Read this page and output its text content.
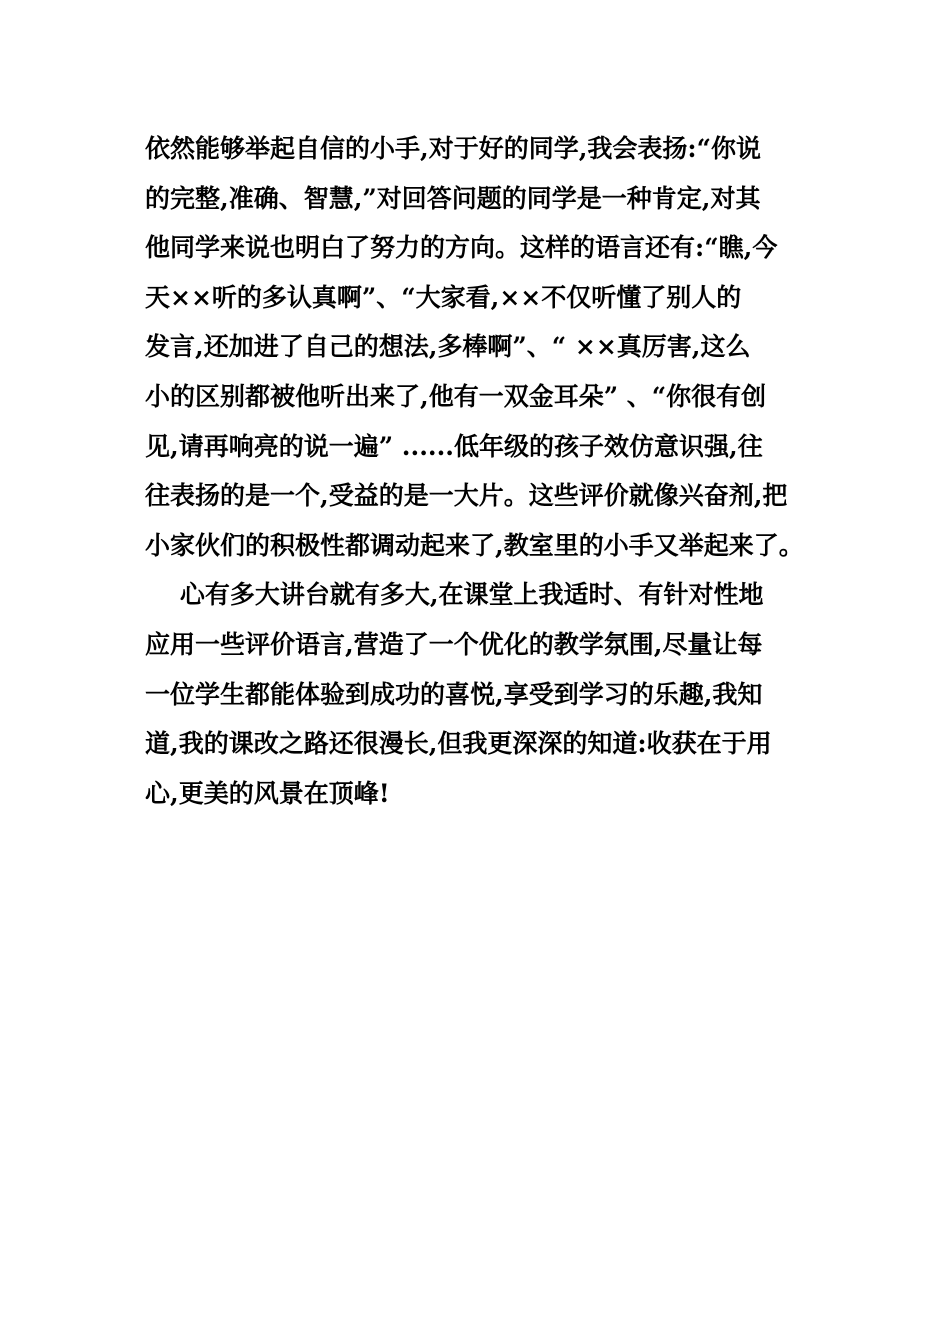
依然能够举起自信的小手,对于好的同学,我会表扬:“你说
的完整,准确、智慧,”对回答问题的同学是一种肯定,对其
他同学来说也明白了努力的方向。这样的语言还有:“瞧,今
天××听的多认真啊”、“大家看,××不仅听懂了别人的
发言,还加进了自己的想法,多棒啊”、“ ××真厉害,这么
小的区别都被他听出来了,他有一双金耳朵” 、“你很有创
见,请再响亮的说一遍” ......低年级的孩子效仿意识强,往
往表扬的是一个,受益的是一大片。这些评价就像兴奋剂,把
小家伙们的积极性都调动起来了,教室里的小手又举起来了。
心有多大讲台就有多大,在课堂上我适时、有针对性地
应用一些评价语言,营造了一个优化的教学氛围,尽量让每
一位学生都能体验到成功的喜悦,享受到学习的乐趣,我知
道,我的课改之路还很漫长,但我更深深的知道:收获在于用
心,更美的风景在顶峰!
